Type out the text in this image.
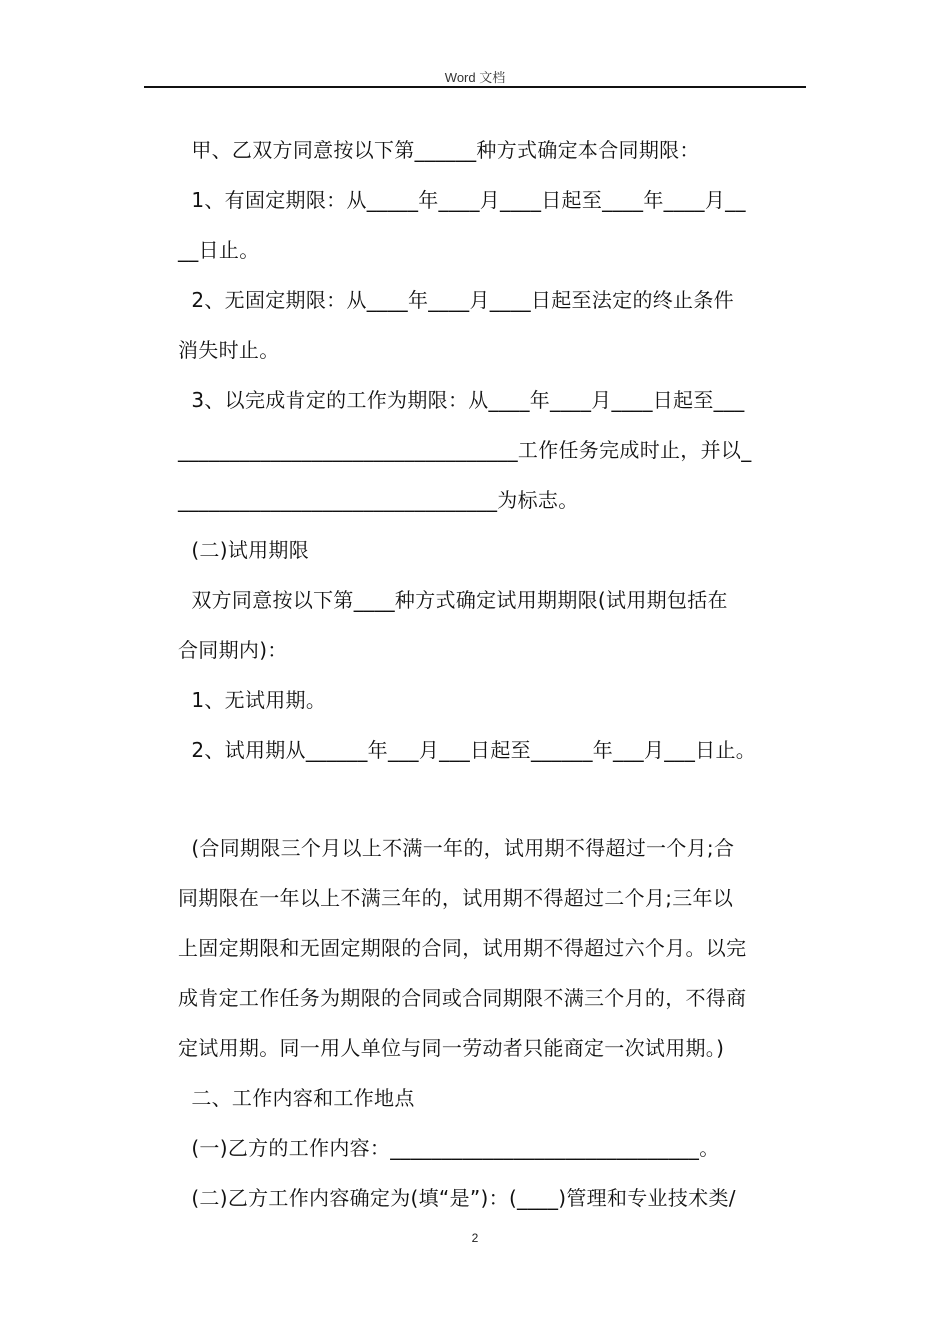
Word 文档
甲、乙双方同意按以下第______种方式确定本合同期限：
1、有固定期限：从_____年____月____日起至____年____月__
__日止。
2、无固定期限：从____年____月____日起至法定的终止条件
消失时止。
3、以完成肯定的工作为期限：从____年____月____日起至___
_________________________________工作任务完成时止，并以_
_______________________________为标志。
(二)试用期限
双方同意按以下第____种方式确定试用期期限(试用期包括在
合同期内)：
1、无试用期。
2、试用期从______年___月___日起至______年___月___日止。
(合同期限三个月以上不满一年的，试用期不得超过一个月;合
同期限在一年以上不满三年的，试用期不得超过二个月;三年以
上固定期限和无固定期限的合同，试用期不得超过六个月。以完
成肯定工作任务为期限的合同或合同期限不满三个月的，不得商
定试用期。同一用人单位与同一劳动者只能商定一次试用期。)
二、工作内容和工作地点
(一)乙方的工作内容：______________________________。
(二)乙方工作内容确定为(填“是”)：(____)管理和专业技术类/
2
